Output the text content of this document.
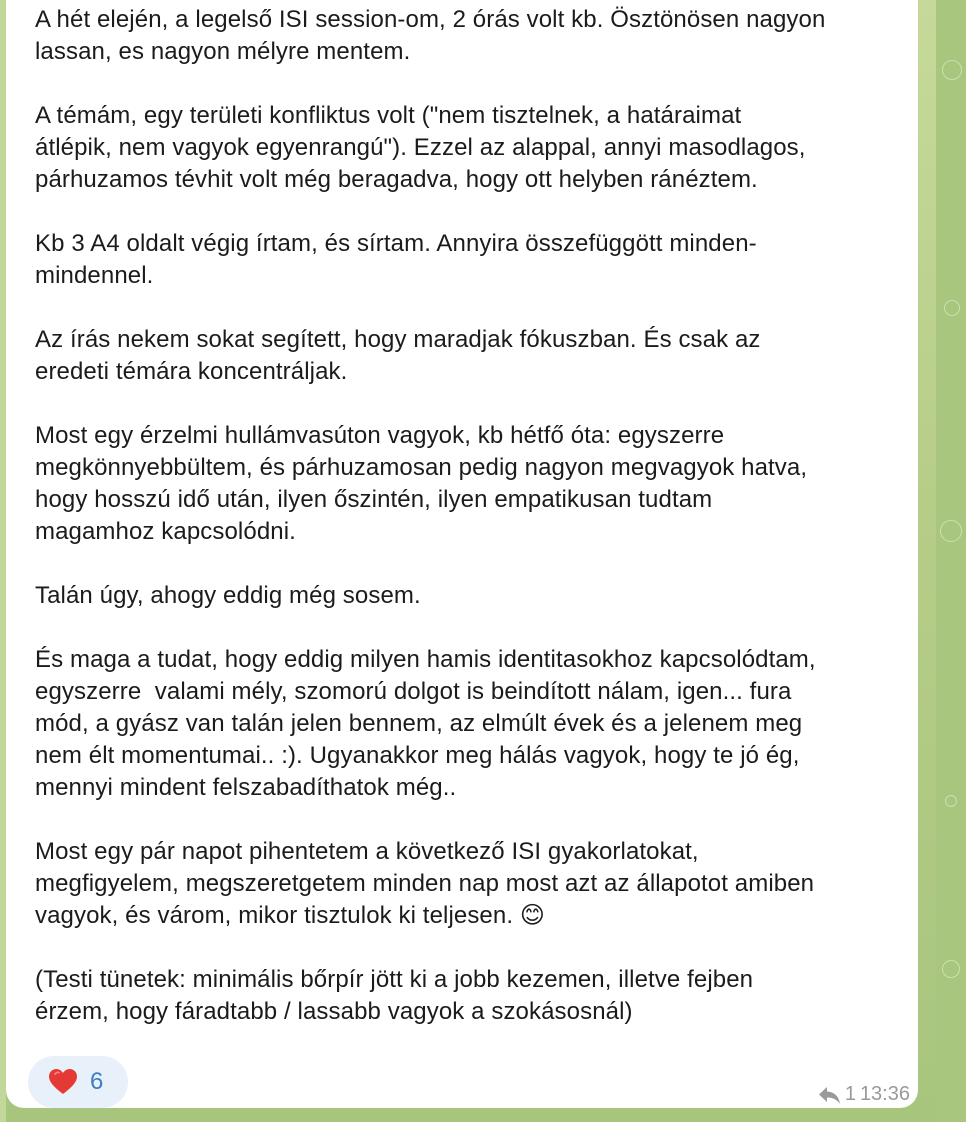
A hét elején, a legelső ISI session-om, 2 órás volt kb. Ösztönösen nagyon
lassan, es nagyon mélyre mentem.

A témám, egy területi konfliktus volt ("nem tisztelnek, a határaimat
átlépik, nem vagyok egyenrangú"). Ezzel az alappal, annyi masodlagos,
párhuzamos tévhit volt még beragadva, hogy ott helyben ránéztem.

Kb 3 A4 oldalt végig írtam, és sírtam. Annyira összefüggött minden-
mindennel.

Az írás nekem sokat segített, hogy maradjak fókuszban. És csak az
eredeti témára koncentráljak.

Most egy érzelmi hullámvasúton vagyok, kb hétfő óta: egyszerre
megkönnyebbültem, és párhuzamosan pedig nagyon megvagyok hatva,
hogy hosszú idő után, ilyen őszintén, ilyen empatikusan tudtam
magamhoz kapcsolódni.

Talán úgy, ahogy eddig még sosem.

És maga a tudat, hogy eddig milyen hamis identitasokhoz kapcsolódtam,
egyszerre  valami mély, szomorú dolgot is beindított nálam, igen... fura
mód, a gyász van talán jelen bennem, az elmúlt évek és a jelenem meg
nem élt momentumai.. :). Ugyanakkor meg hálás vagyok, hogy te jó ég,
mennyi mindent felszabadíthatok még..

Most egy pár napot pihentetem a következő ISI gyakorlatokat,
megfigyelem, megszeretgetem minden nap most azt az állapotot amiben
vagyok, és várom, mikor tisztulok ki teljesen. 😊

(Testi tünetek: minimális bőrpír jött ki a jobb kezemen, illetve fejben
érzem, hogy fáradtabb / lassabb vagyok a szokásosnál)

6	1 13:36
